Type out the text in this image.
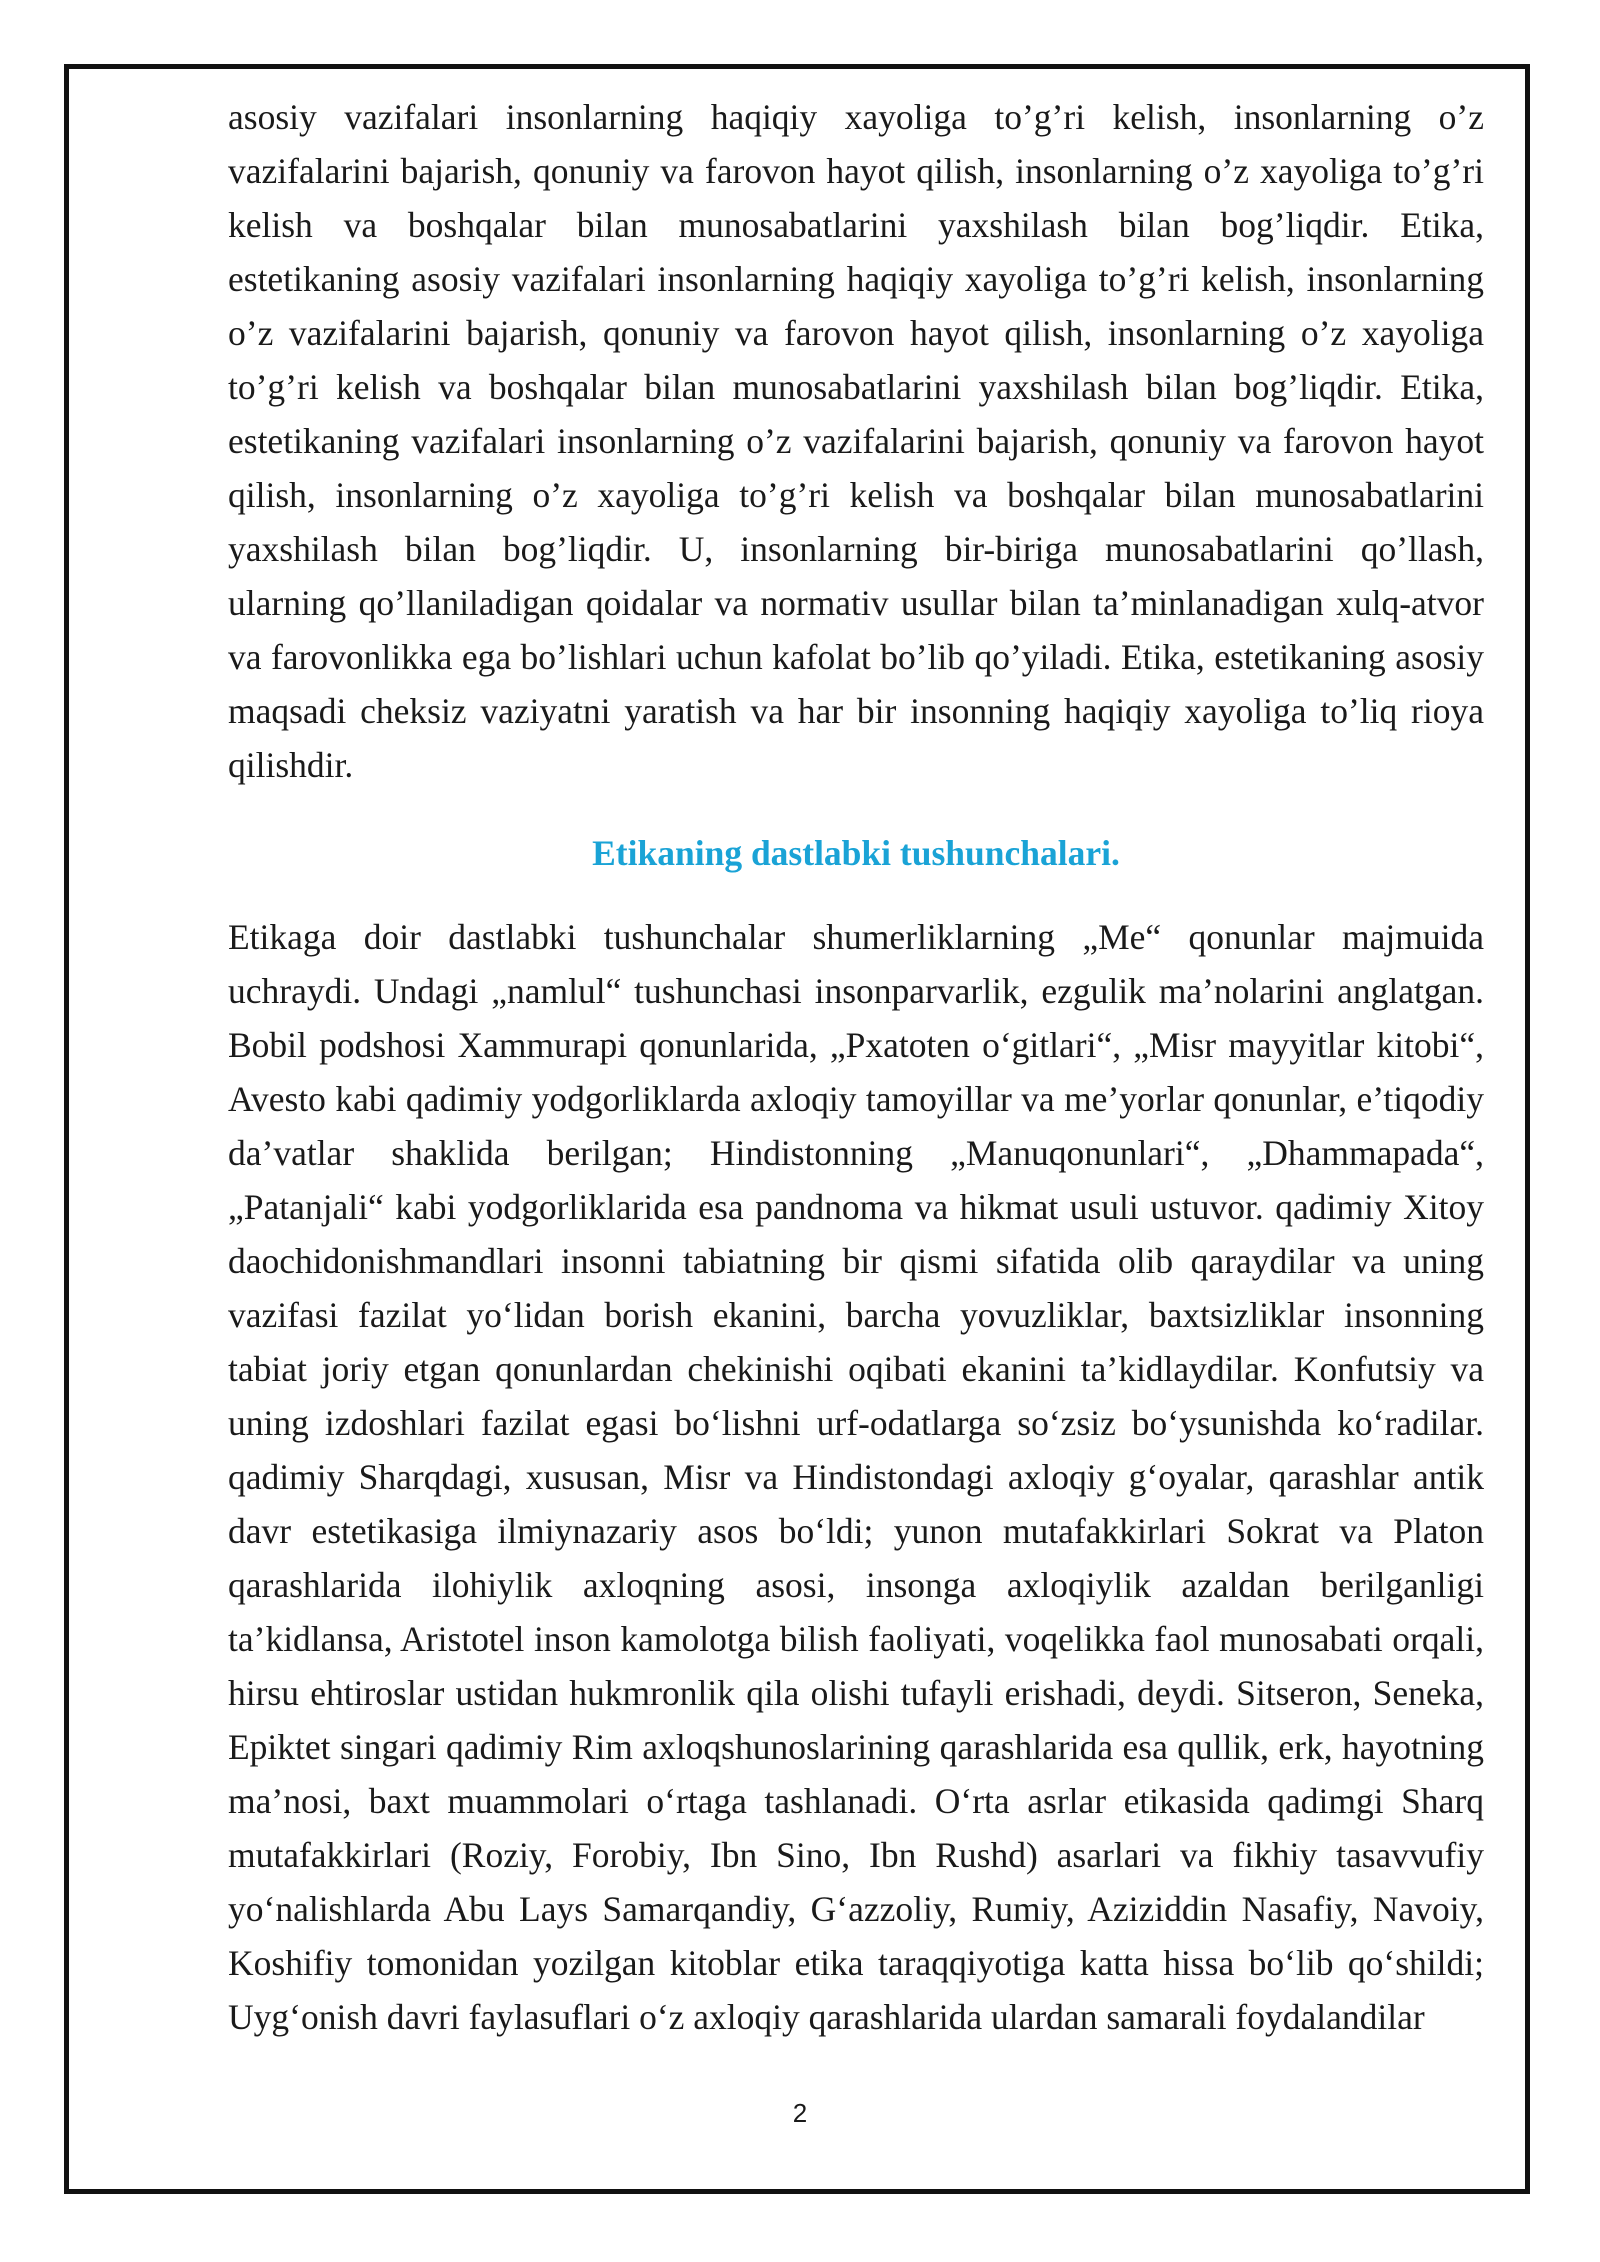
asosiy vazifalari insonlarning haqiqiy xayoliga to’g’ri kelish, insonlarning o’z vazifalarini bajarish, qonuniy va farovon hayot qilish, insonlarning o’z xayoliga to’g’ri kelish va boshqalar bilan munosabatlarini yaxshilash bilan bog’liqdir. Etika, estetikaning asosiy vazifalari insonlarning haqiqiy xayoliga to’g’ri kelish, insonlarning o’z vazifalarini bajarish, qonuniy va farovon hayot qilish, insonlarning o’z xayoliga to’g’ri kelish va boshqalar bilan munosabatlarini yaxshilash bilan bog’liqdir. Etika, estetikaning vazifalari insonlarning o’z vazifalarini bajarish, qonuniy va farovon hayot qilish, insonlarning o’z xayoliga to’g’ri kelish va boshqalar bilan munosabatlarini yaxshilash bilan bog’liqdir. U, insonlarning bir-biriga munosabatlarini qo’llash, ularning qo’llaniladigan qoidalar va normativ usullar bilan ta’minlanadigan xulq-atvor va farovonlikka ega bo’lishlari uchun kafolat bo’lib qo’yiladi. Etika, estetikaning asosiy maqsadi cheksiz vaziyatni yaratish va har bir insonning haqiqiy xayoliga to’liq rioya qilishdir.

Etikaning dastlabki tushunchalari.

Etikaga doir dastlabki tushunchalar shumerliklarning „Me“ qonunlar majmuida uchraydi. Undagi „namlul“ tushunchasi insonparvarlik, ezgulik ma’nolarini anglatgan. Bobil podshosi Xammurapi qonunlarida, „Pxatoten oʻgitlari“, „Misr mayyitlar kitobi“, Avesto kabi qadimiy yodgorliklarda axloqiy tamoyillar va me’yorlar qonunlar, e’tiqodiy da’vatlar shaklida berilgan; Hindistonning „Manuqonunlari“, „Dhammapada“, „Patanjali“ kabi yodgorliklarida esa pandnoma va hikmat usuli ustuvor. qadimiy Xitoy daochidonishmandlari insonni tabiatning bir qismi sifatida olib qaraydilar va uning vazifasi fazilat yoʻlidan borish ekanini, barcha yovuzliklar, baxtsizliklar insonning tabiat joriy etgan qonunlardan chekinishi oqibati ekanini ta’kidlaydilar. Konfutsiy va uning izdoshlari fazilat egasi boʻlishni urf-odatlarga soʻzsiz boʻysunishda koʻradilar. qadimiy Sharqdagi, xususan, Misr va Hindistondagi axloqiy gʻoyalar, qarashlar antik davr estetikasiga ilmiynazariy asos boʻldi; yunon mutafakkirlari Sokrat va Platon qarashlarida ilohiylik axloqning asosi, insonga axloqiylik azaldan berilganligi ta’kidlansa, Aristotel inson kamolotga bilish faoliyati, voqelikka faol munosabati orqali, hirsu ehtiroslar ustidan hukmronlik qila olishi tufayli erishadi, deydi. Sitseron, Seneka, Epiktet singari qadimiy Rim axloqshunoslarining qarashlarida esa qullik, erk, hayotning ma’nosi, baxt muammolari oʻrtaga tashlanadi. Oʻrta asrlar etikasida qadimgi Sharq mutafakkirlari (Roziy, Forobiy, Ibn Sino, Ibn Rushd) asarlari va fikhiy tasavvufiy yoʻnalishlarda Abu Lays Samarqandiy, Gʻazzoliy, Rumiy, Aziziddin Nasafiy, Navoiy, Koshifiy tomonidan yozilgan kitoblar etika taraqqiyotiga katta hissa boʻlib qoʻshildi; Uygʻonish davri faylasuflari oʻz axloqiy qarashlarida ulardan samarali foydalandilar

2
